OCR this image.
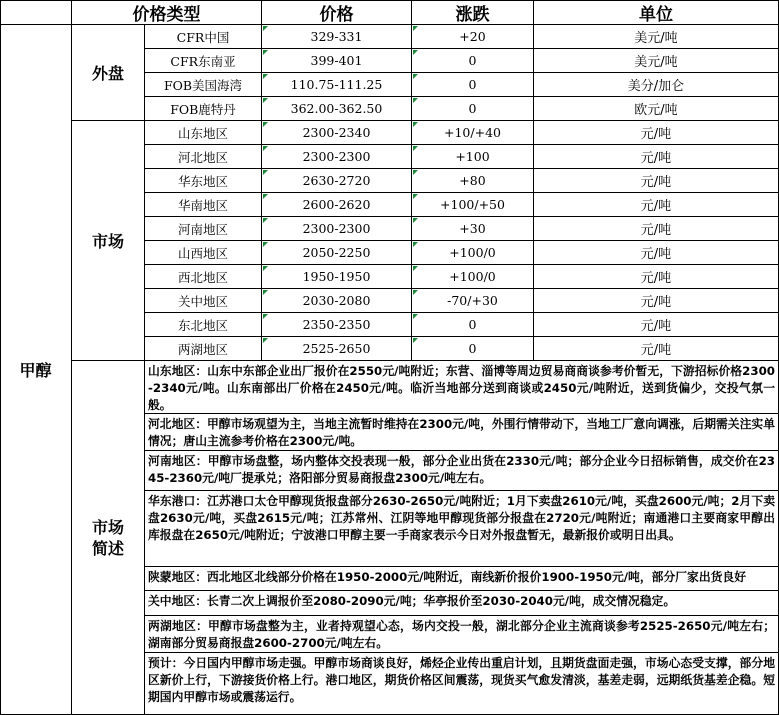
价格类型	价格	涨跌	单位
甲醇
外盘
市场
市场
简述
CFR中国	329-331	+20	美元/吨
CFR东南亚	399-401	0	美元/吨
FOB美国海湾	110.75-111.25	0	美分/加仑
FOB鹿特丹	362.00-362.50	0	欧元/吨
山东地区	2300-2340	+10/+40	元/吨
河北地区	2300-2300	+100	元/吨
华东地区	2630-2720	+80	元/吨
华南地区	2600-2620	+100/+50	元/吨
河南地区	2300-2300	+30	元/吨
山西地区	2050-2250	+100/0	元/吨
西北地区	1950-1950	+100/0	元/吨
关中地区	2030-2080	-70/+30	元/吨
东北地区	2350-2350	0	元/吨
两湖地区	2525-2650	0	元/吨
山东地区：山东中东部企业出厂报价在2550元/吨附近；东营、淄博等周边贸易商商谈参考价暂无，下游招标价格2300-2340元/吨。山东南部出厂价格在2450元/吨。临沂当地部分送到商谈或2450元/吨附近，送到货偏少，交投气氛一般。
河北地区：甲醇市场观望为主，当地主流暂时维持在2300元/吨，外围行情带动下，当地工厂意向调涨，后期需关注实单情况；唐山主流参考价格在2300元/吨。
河南地区：甲醇市场盘整，场内整体交投表现一般，部分企业出货在2330元/吨；部分企业今日招标销售，成交价在2345-2360元/吨厂提承兑；洛阳部分贸易商报盘2300元/吨左右。
华东港口：江苏港口太仓甲醇现货报盘部分2630-2650元/吨附近；1月下卖盘2610元/吨，买盘2600元/吨；2月下卖盘2630元/吨，买盘2615元/吨；江苏常州、江阴等地甲醇现货部分报盘在2720元/吨附近；南通港口主要商家甲醇出库报盘在2650元/吨附近；宁波港口甲醇主要一手商家表示今日对外报盘暂无，最新报价或明日出具。
陕蒙地区：西北地区北线部分价格在1950-2000元/吨附近，南线新价报价1900-1950元/吨，部分厂家出货良好
关中地区：长青二次上调报价至2080-2090元/吨；华亭报价至2030-2040元/吨，成交情况稳定。
两湖地区：甲醇市场盘整为主，业者持观望心态，场内交投一般，湖北部分企业主流商谈参考2525-2650元/吨左右；湖南部分贸易商报盘2600-2700元/吨左右。
预计：今日国内甲醇市场走强。甲醇市场商谈良好，烯烃企业传出重启计划，且期货盘面走强，市场心态受支撑，部分地区新价上行，下游接货价格上行。港口地区，期货价格区间震荡，现货买气愈发清淡，基差走弱，远期纸货基差企稳。短期国内甲醇市场或震荡运行。
